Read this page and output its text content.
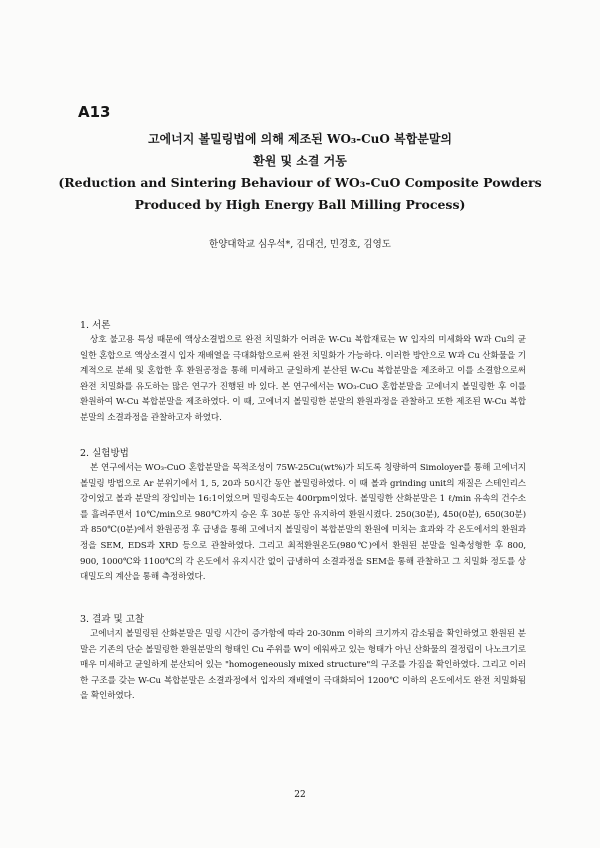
A13
고에너지 볼밀링법에 의해 제조된 WO₃-CuO 복합분말의
환원 및 소결 거동
(Reduction and Sintering Behaviour of WO₃-CuO Composite Powders
Produced by High Energy Ball Milling Process)

한양대학교 심우석*, 김대건, 민경호, 김영도

1. 서론

상호 불고용 특성 때문에 액상소결법으로 완전 치밀화가 어려운 W-Cu 복합재료는 W 입자의 미세화와 W과 Cu의 균일한 혼합으로 액상소결시 입자 재배열을 극대화함으로써 완전 치밀화가 가능하다. 이러한 방안으로 W과 Cu 산화물을 기계적으로 분쇄 및 혼합한 후 환원공정을 통해 미세하고 균일하게 분산된 W-Cu 복합분말을 제조하고 이를 소결함으로써 완전 치밀화를 유도하는 많은 연구가 진행된 바 있다. 본 연구에서는 WO₃-CuO 혼합분말을 고에너지 볼밀링한 후 이를 환원하여 W-Cu 복합분말을 제조하였다. 이 때, 고에너지 볼밀링한 분말의 환원과정을 관찰하고 또한 제조된 W-Cu 복합분말의 소결과정을 관찰하고자 하였다.

2. 실험방법

본 연구에서는 WO₃-CuO 혼합분말을 목적조성이 75W-25Cu(wt%)가 되도록 칭량하여 Simoloyer를 통해 고에너지 볼밀링 방법으로 Ar 분위기에서 1, 5, 20과 50시간 동안 볼밀링하였다. 이 때 볼과 grinding unit의 재질은 스테인리스 강이었고 볼과 분말의 장입비는 16:1이었으며 밀링속도는 400rpm이었다. 볼밀링한 산화분말은 1 ℓ/min 유속의 건수소를 흘려주면서 10℃/min으로 980℃까지 승온 후 30분 동안 유지하여 환원시켰다. 250(30분), 450(0분), 650(30분)과 850℃(0분)에서 환원공정 후 급냉을 통해 고에너지 볼밀링이 복합분말의 환원에 미치는 효과와 각 온도에서의 환원과정을 SEM, EDS과 XRD 등으로 관찰하였다. 그리고 최적환원온도(980℃)에서 환원된 분말을 일축성형한 후 800, 900, 1000℃와 1100℃의 각 온도에서 유지시간 없이 급냉하여 소결과정을 SEM을 통해 관찰하고 그 치밀화 정도를 상대밀도의 계산을 통해 측정하였다.

3. 결과 및 고찰

고에너지 볼밀링된 산화분말은 밀링 시간이 증가함에 따라 20-30nm 이하의 크기까지 감소됨을 확인하였고 환원된 분말은 기존의 단순 볼밀링한 환원분말의 형태인 Cu 주위를 W이 에워싸고 있는 형태가 아닌 산화물의 결정립이 나노크기로 매우 미세하고 균일하게 분산되어 있는 "homogeneously mixed structure"의 구조를 가짐을 확인하였다. 그리고 이러한 구조를 갖는 W-Cu 복합분말은 소결과정에서 입자의 재배열이 극대화되어 1200℃ 이하의 온도에서도 완전 치밀화됨을 확인하였다.

22
